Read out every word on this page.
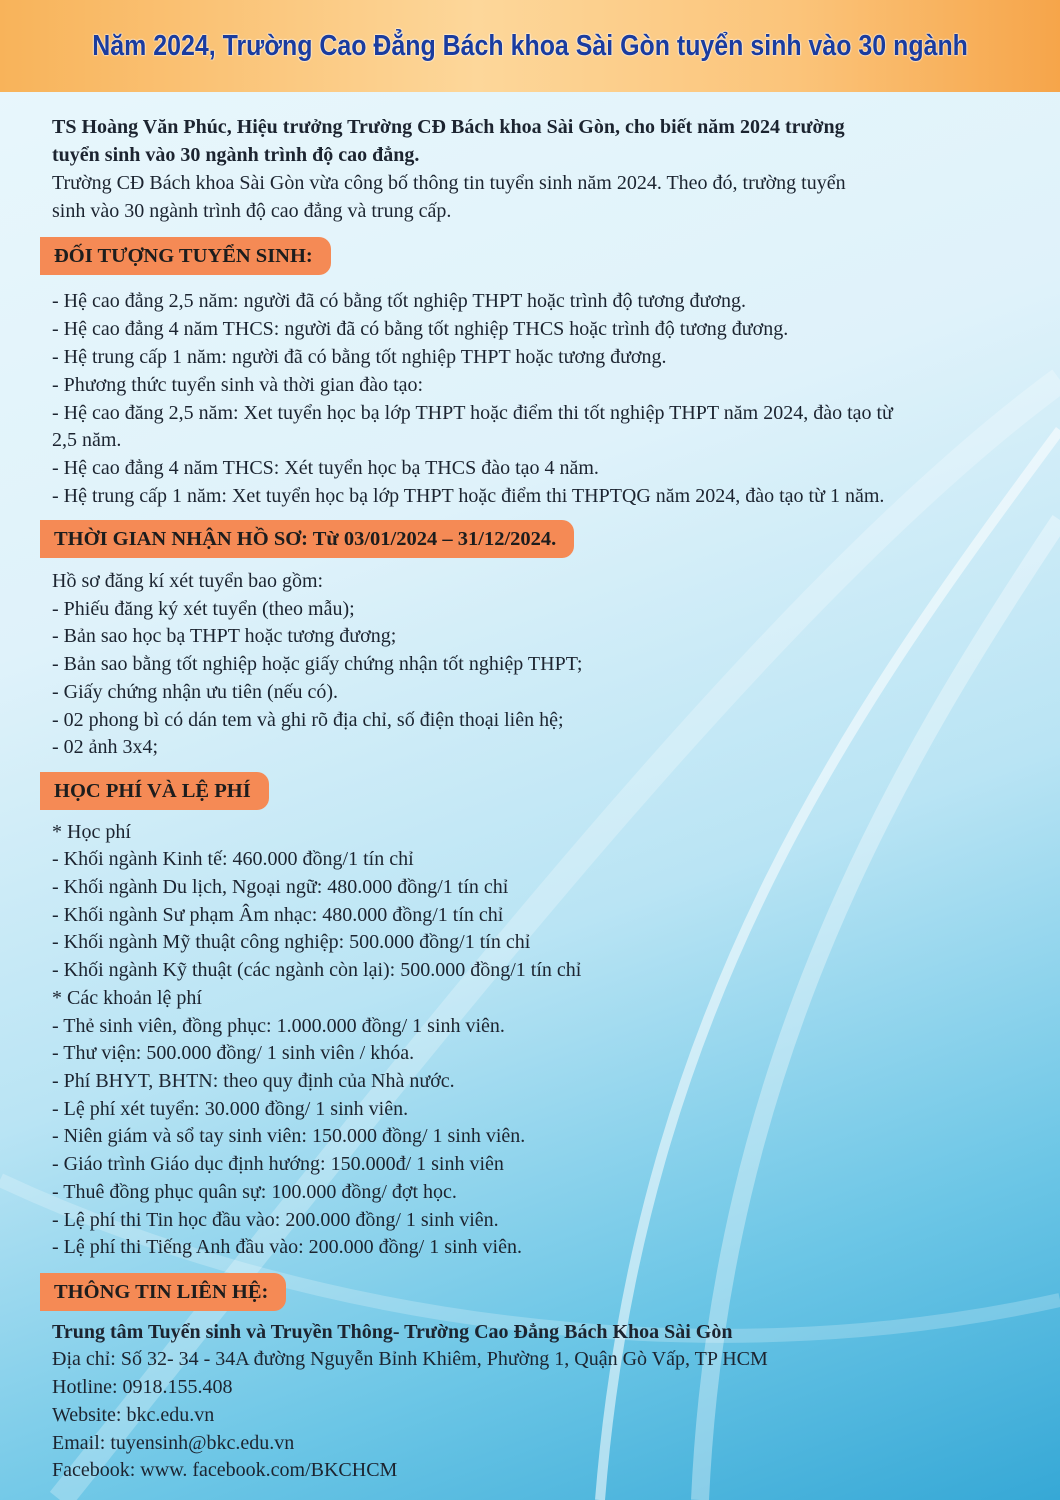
Năm 2024, Trường Cao Đẳng Bách khoa Sài Gòn tuyển sinh vào 30 ngành
TS Hoàng Văn Phúc, Hiệu trưởng Trường CĐ Bách khoa Sài Gòn, cho biết năm 2024 trường
tuyển sinh vào 30 ngành trình độ cao đẳng.
Trường CĐ Bách khoa Sài Gòn vừa công bố thông tin tuyển sinh năm 2024. Theo đó, trường tuyển
sinh vào 30 ngành trình độ cao đẳng và trung cấp.
ĐỐI TƯỢNG TUYỂN SINH:
- Hệ cao đẳng 2,5 năm: người đã có bằng tốt nghiệp THPT hoặc trình độ tương đương.
- Hệ cao đẳng 4 năm THCS: người đã có bằng tốt nghiệp THCS hoặc trình độ tương đương.
- Hệ trung cấp 1 năm: người đã có bằng tốt nghiệp THPT hoặc tương đương.
- Phương thức tuyển sinh và thời gian đào tạo:
- Hệ cao đăng 2,5 năm: Xet tuyển học bạ lớp THPT hoặc điểm thi tốt nghiệp THPT năm 2024, đào tạo từ
2,5 năm.
- Hệ cao đẳng 4 năm THCS: Xét tuyển học bạ THCS đào tạo 4 năm.
- Hệ trung cấp 1 năm: Xet tuyển học bạ lớp THPT hoặc điểm thi THPTQG năm 2024, đào tạo từ 1 năm.
THỜI GIAN NHẬN HỒ SƠ: Từ 03/01/2024 – 31/12/2024.
Hồ sơ đăng kí xét tuyển bao gồm:
- Phiếu đăng ký xét tuyển (theo mẫu);
- Bản sao học bạ THPT hoặc tương đương;
- Bản sao bằng tốt nghiệp hoặc giấy chứng nhận tốt nghiệp THPT;
- Giấy chứng nhận ưu tiên (nếu có).
- 02 phong bì có dán tem và ghi rõ địa chỉ, số điện thoại liên hệ;
- 02 ảnh 3x4;
HỌC PHÍ VÀ LỆ PHÍ
* Học phí
- Khối ngành Kinh tế: 460.000 đồng/1 tín chỉ
- Khối ngành Du lịch, Ngoại ngữ: 480.000 đồng/1 tín chỉ
- Khối ngành Sư phạm Âm nhạc: 480.000 đồng/1 tín chỉ
- Khối ngành Mỹ thuật công nghiệp: 500.000 đồng/1 tín chỉ
- Khối ngành Kỹ thuật (các ngành còn lại): 500.000 đồng/1 tín chỉ
* Các khoản lệ phí
- Thẻ sinh viên, đồng phục: 1.000.000 đồng/ 1 sinh viên.
- Thư viện: 500.000 đồng/ 1 sinh viên / khóa.
- Phí BHYT, BHTN: theo quy định của Nhà nước.
- Lệ phí xét tuyển: 30.000 đồng/ 1 sinh viên.
- Niên giám và sổ tay sinh viên: 150.000 đồng/ 1 sinh viên.
- Giáo trình Giáo dục định hướng: 150.000đ/ 1 sinh viên
- Thuê đồng phục quân sự: 100.000 đồng/ đợt học.
- Lệ phí thi Tin học đầu vào: 200.000 đồng/ 1 sinh viên.
- Lệ phí thi Tiếng Anh đầu vào: 200.000 đồng/ 1 sinh viên.
THÔNG TIN LIÊN HỆ:
Trung tâm Tuyển sinh và Truyền Thông- Trường Cao Đẳng Bách Khoa Sài Gòn
Địa chỉ: Số 32- 34 - 34A đường Nguyễn Bỉnh Khiêm, Phường 1, Quận Gò Vấp, TP HCM
Hotline: 0918.155.408
Website: bkc.edu.vn
Email: tuyensinh@bkc.edu.vn
Facebook: www. facebook.com/BKCHCM
